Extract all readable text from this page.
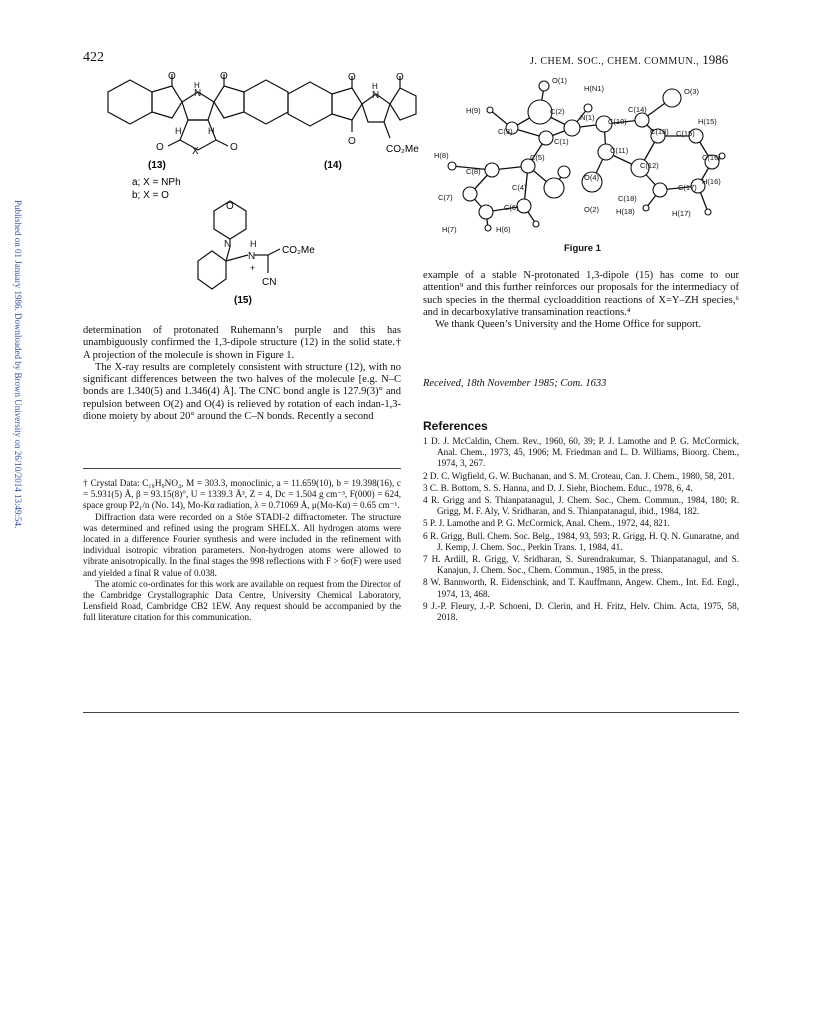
Published on 01 January 1986. Downloaded by Brown University on 26/10/2014 13:49:54.
422	J. CHEM. SOC., CHEM. COMMUN., 1986
O	O
N
H
H	H
O	O
X
O	O
N
H
O
CO₂Me
(13)	(14)
a; X = NPh
b; X = O
O
N
N
H
+
CO₂Me
CN
(15)
O(1)
H(N1)	O(3)
H(9)	C(2)
N(1)
C(14)
H(15)
C(10)
C(13) C(15)
C(3)
C(1)
C(11)
H(8)	C(5)
C(12)
C(16)
C(8)
O(4)	H(16)
C(4)	C(17)
C(7)	C(18)
C(6)	O(2) H(18)	H(17)
H(7)	H(6)
Figure 1

determination of protonated Ruhemann’s purple and this has unambiguously confirmed the 1,3-dipole structure (12) in the solid state.† A projection of the molecule is shown in Figure 1.

The X-ray results are completely consistent with structure (12), with no significant differences between the two halves of the molecule [e.g. N–C bonds are 1.340(5) and 1.346(4) Å]. The CNC bond angle is 127.9(3)° and repulsion between O(2) and O(4) is relieved by rotation of each indan-1,3-dione moiety by about 20° around the C–N bonds. Recently a second

† Crystal Data: C₁₈H₉NO₄, M = 303.3, monoclinic, a = 11.659(10), b = 19.398(16), c = 5.931(5) Å, β = 93.15(8)°, U = 1339.3 Å³, Z = 4, Dc = 1.504 g cm⁻³, F(000) = 624, space group P2₁/n (No. 14), Mo-Kα radiation, λ = 0.71069 Å, μ(Mo-Kα) = 0.65 cm⁻¹.

Diffraction data were recorded on a Stöe STADI-2 diffractometer. The structure was determined and refined using the program SHELX. All hydrogen atoms were located in a difference Fourier synthesis and were included in the refinement with individual isotropic vibration parameters. Non-hydrogen atoms were allowed to vibrate anisotropically. In the final stages the 998 reflections with F > 6σ(F) were used and yielded a final R value of 0.038.

The atomic co-ordinates for this work are available on request from the Director of the Cambridge Crystallographic Data Centre, University Chemical Laboratory, Lensfield Road, Cambridge CB2 1EW. Any request should be accompanied by the full literature citation for this communication.

example of a stable N-protonated 1,3-dipole (15) has come to our attention⁹ and this further reinforces our proposals for the intermediacy of such species in the thermal cycloaddition reactions of X=Y–ZH species,⁶ and in decarboxylative transamination reactions.⁴

We thank Queen’s University and the Home Office for support.

Received, 18th November 1985; Com. 1633
References

1 D. J. McCaldin, Chem. Rev., 1960, 60, 39; P. J. Lamothe and P. G. McCormick, Anal. Chem., 1973, 45, 1906; M. Friedman and L. D. Williams, Bioorg. Chem., 1974, 3, 267.

2 D. C. Wigfield, G. W. Buchanan, and S. M. Croteau, Can. J. Chem., 1980, 58, 201.

3 C. B. Bottom, S. S. Hanna, and D. J. Siehr, Biochem. Educ., 1978, 6, 4.

4 R. Grigg and S. Thianpatanagul, J. Chem. Soc., Chem. Commun., 1984, 180; R. Grigg, M. F. Aly, V. Sridharan, and S. Thianpatanagul, ibid., 1984, 182.

5 P. J. Lamothe and P. G. McCormick, Anal. Chem., 1972, 44, 821.

6 R. Grigg, Bull. Chem. Soc. Belg., 1984, 93, 593; R. Grigg, H. Q. N. Gunaratne, and J. Kemp, J. Chem. Soc., Perkin Trans. 1, 1984, 41.

7 H. Ardill, R. Grigg, V. Sridharan, S. Surendrakumar, S. Thianpatanagul, and S. Kanajun, J. Chem. Soc., Chem. Commun., 1985, in the press.

8 W. Bannworth, R. Eidenschink, and T. Kauffmann, Angew. Chem., Int. Ed. Engl., 1974, 13, 468.

9 J.-P. Fleury, J.-P. Schoeni, D. Clerin, and H. Fritz, Helv. Chim. Acta, 1975, 58, 2018.
